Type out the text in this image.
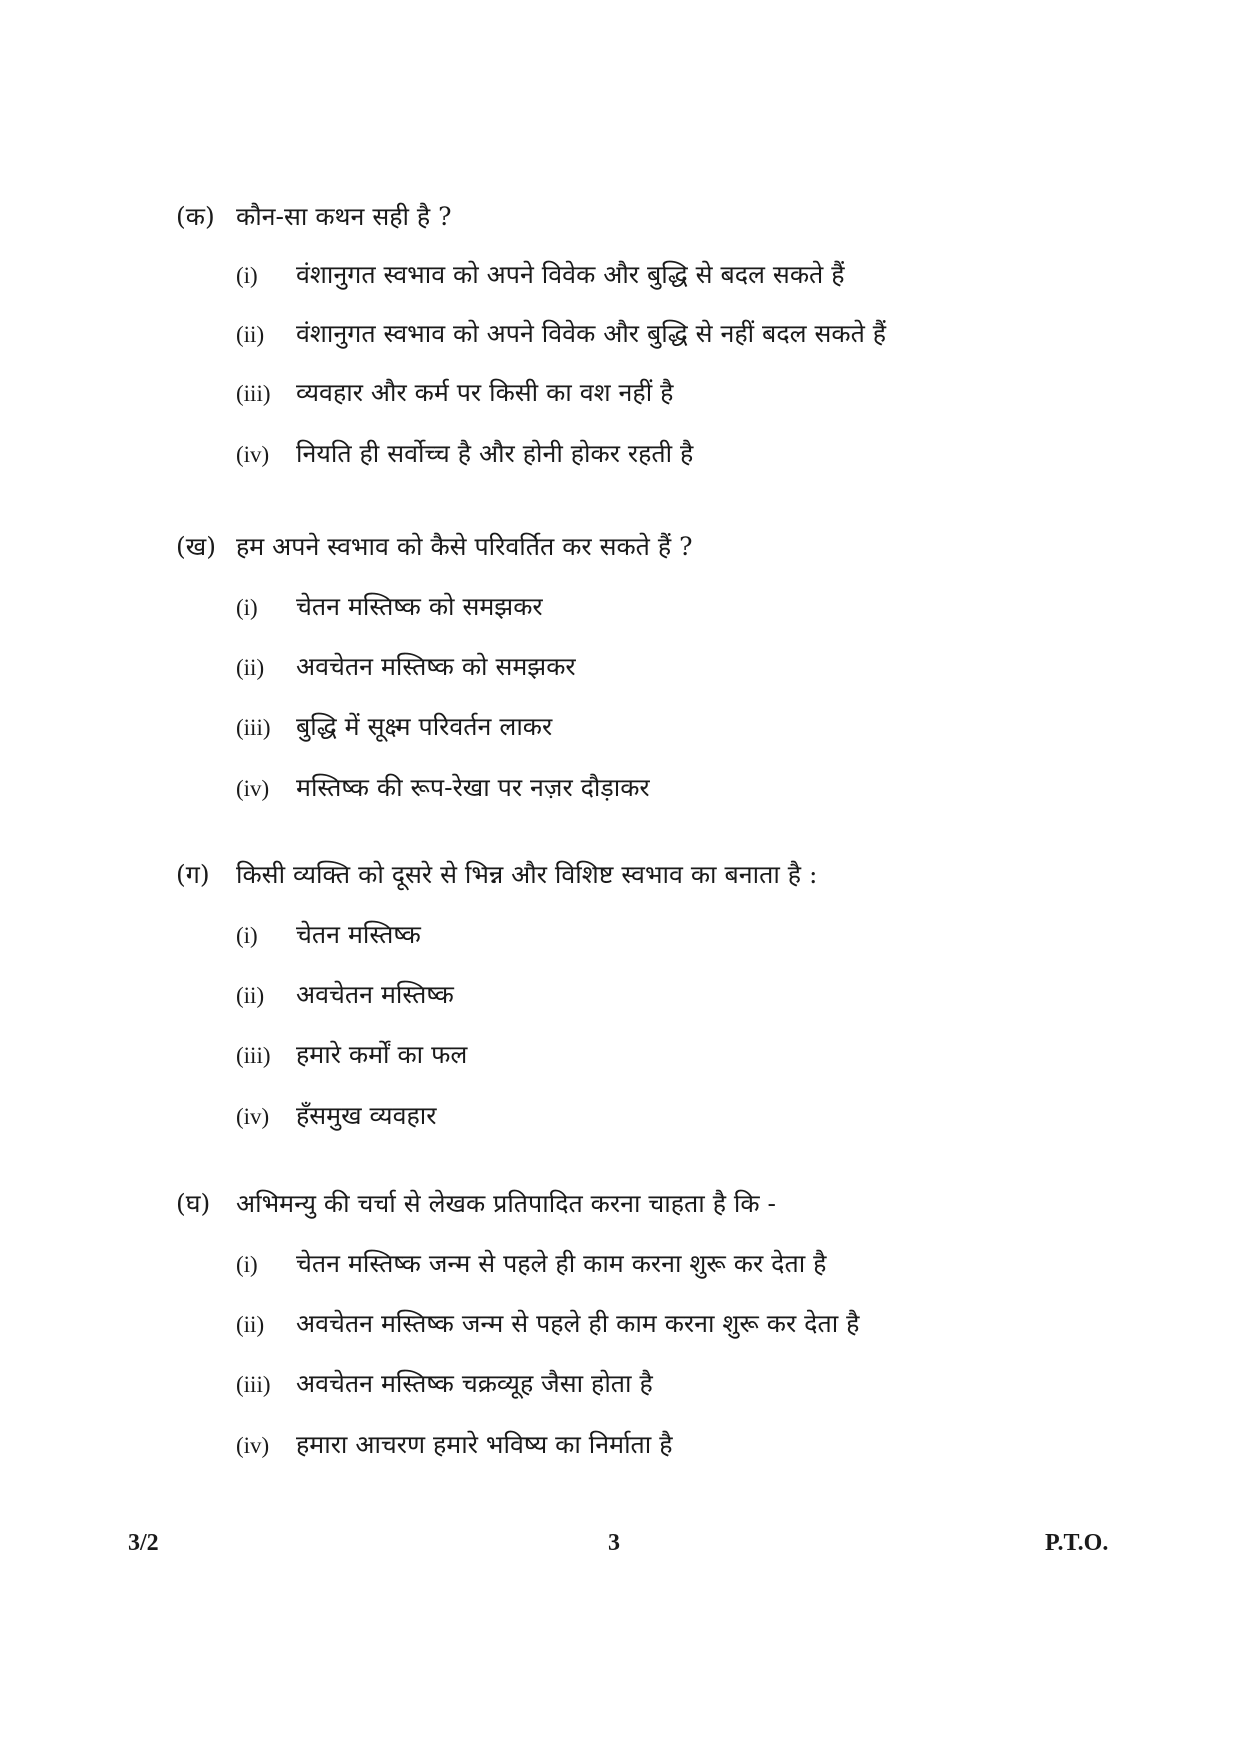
(क) कौन-सा कथन सही है ?
(i)	वंशानुगत स्वभाव को अपने विवेक और बुद्धि से बदल सकते हैं
(ii)	वंशानुगत स्वभाव को अपने विवेक और बुद्धि से नहीं बदल सकते हैं
(iii)	व्यवहार और कर्म पर किसी का वश नहीं है
(iv)	नियति ही सर्वोच्च है और होनी होकर रहती है
(ख) हम अपने स्वभाव को कैसे परिवर्तित कर सकते हैं ?
(i)	चेतन मस्तिष्क को समझकर
(ii)	अवचेतन मस्तिष्क को समझकर
(iii)	बुद्धि में सूक्ष्म परिवर्तन लाकर
(iv)	मस्तिष्क की रूप-रेखा पर नज़र दौड़ाकर
(ग)	किसी व्यक्ति को दूसरे से भिन्न और विशिष्ट स्वभाव का बनाता है :
(i)	चेतन मस्तिष्क
(ii)	अवचेतन मस्तिष्क
(iii)	हमारे कर्मों का फल
(iv)	हँसमुख व्यवहार
(घ)	अभिमन्यु की चर्चा से लेखक प्रतिपादित करना चाहता है कि -
(i)	चेतन मस्तिष्क जन्म से पहले ही काम करना शुरू कर देता है
(ii)	अवचेतन मस्तिष्क जन्म से पहले ही काम करना शुरू कर देता है
(iii)	अवचेतन मस्तिष्क चक्रव्यूह जैसा होता है
(iv)	हमारा आचरण हमारे भविष्य का निर्माता है
3/2	3	P.T.O.
